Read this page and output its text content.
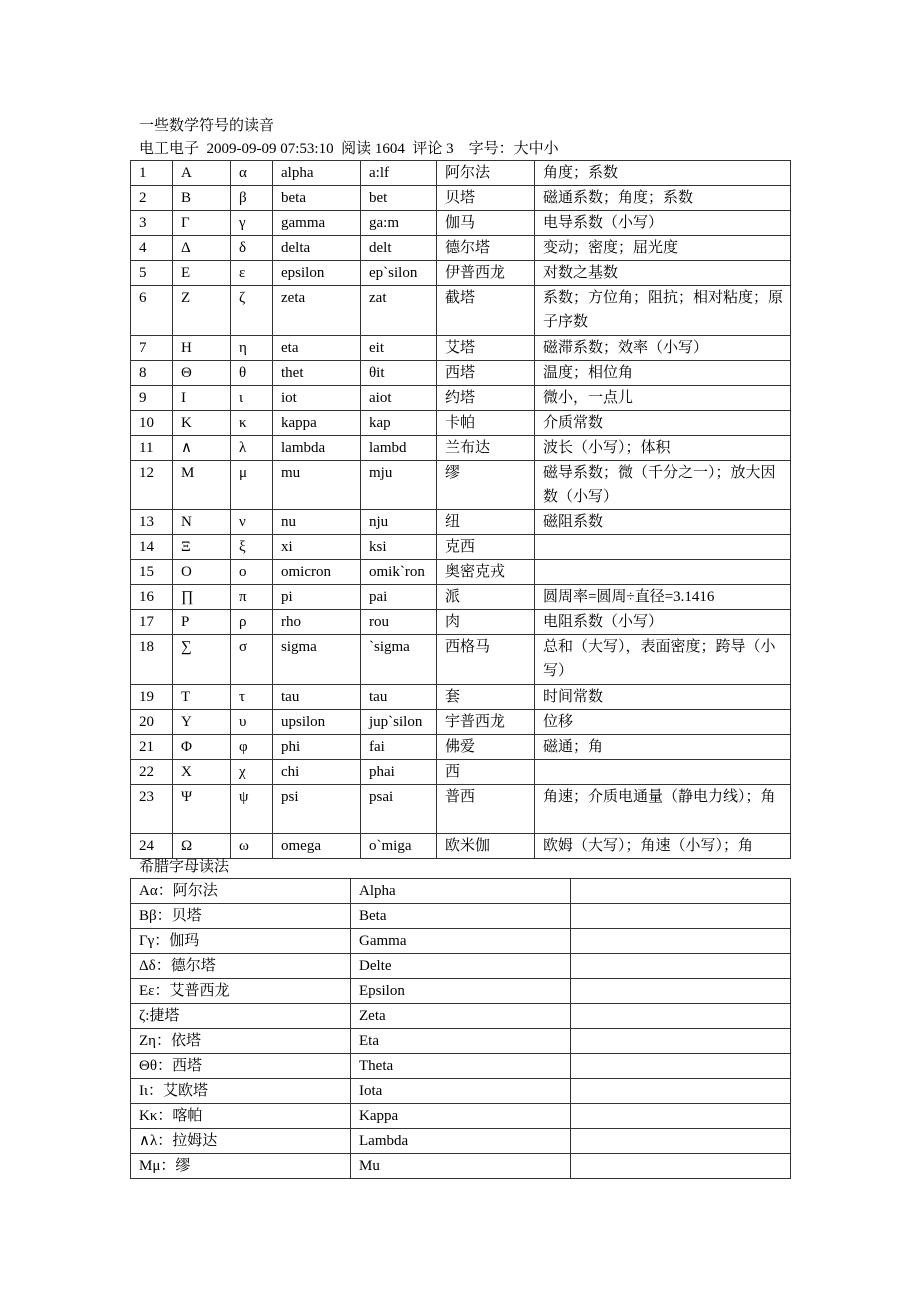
一些数学符号的读音
电工电子  2009-09-09 07:53:10  阅读 1604  评论 3    字号：大中小
1	A	α	alpha	a:lf	阿尔法	角度；系数
2	B	β	beta	bet	贝塔	磁通系数；角度；系数
3	Γ	γ	gamma	ga:m	伽马	电导系数（小写）
4	Δ	δ	delta	delt	德尔塔	变动；密度；屈光度
5	E	ε	epsilon	ep`silon	伊普西龙	对数之基数
6	Z	ζ	zeta	zat	截塔	系数；方位角；阻抗；相对粘度；原子序数
7	H	η	eta	eit	艾塔	磁滞系数；效率（小写）
8	Θ	θ	thet	θit	西塔	温度；相位角
9	I	ι	iot	aiot	约塔	微小，一点儿
10	K	κ	kappa	kap	卡帕	介质常数
11	∧	λ	lambda	lambd	兰布达	波长（小写）；体积
12	M	μ	mu	mju	缪	磁导系数；微（千分之一）；放大因数（小写）
13	N	ν	nu	nju	纽	磁阻系数
14	Ξ	ξ	xi	ksi	克西	
15	O	ο	omicron	omik`ron	奥密克戎	
16	∏	π	pi	pai	派	圆周率=圆周÷直径=3.1416
17	P	ρ	rho	rou	肉	电阻系数（小写）
18	∑	σ	sigma	`sigma	西格马	总和（大写），表面密度；跨导（小写）
19	T	τ	tau	tau	套	时间常数
20	Y	υ	upsilon	jup`silon	宇普西龙	位移
21	Φ	φ	phi	fai	佛爱	磁通；角
22	X	χ	chi	phai	西	
23	Ψ	ψ	psi	psai	普西	角速；介质电通量（静电力线）；角
24	Ω	ω	omega	o`miga	欧米伽	欧姆（大写）；角速（小写）；角
希腊字母读法
Aα：阿尔法	Alpha	
Bβ：贝塔	Beta	
Γγ：伽玛	Gamma	
Δδ：德尔塔	Delte	
Eε：艾普西龙	Epsilon	
ζ:捷塔	Zeta	
Zη：依塔	Eta	
Θθ：西塔	Theta	
Iι：艾欧塔	Iota	
Kκ：喀帕	Kappa	
∧λ：拉姆达	Lambda	
Mμ：缪	Mu	
